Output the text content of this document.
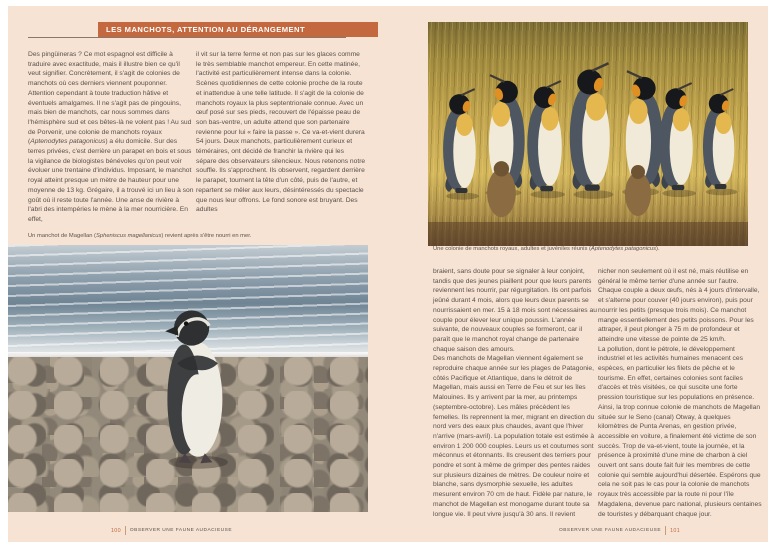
LES MANCHOTS, ATTENTION AU DÉRANGEMENT

Des pingüineras ? Ce mot espagnol est difficile à traduire avec exactitude, mais il illustre bien ce qu'il veut signifier. Concrètement, il s'agit de colonies de manchots où ces derniers viennent pouponner. Attention cependant à toute traduction hâtive et éventuels amalgames. Il ne s'agit pas de pingouins, mais bien de manchots, car nous sommes dans l'hémisphère sud et ces bêtes-là ne volent pas ! Au sud de Porvenir, une colonie de manchots royaux (Aptenodytes patagonicus) a élu domicile. Sur des terres privées, c'est derrière un parapet en bois et sous la vigilance de biologistes bénévoles qu'on peut voir évoluer une trentaine d'individus. Imposant, le manchot royal atteint presque un mètre de hauteur pour une moyenne de 13 kg. Grégaire, il a trouvé ici un lieu à son goût où il reste toute l'année. Une anse de rivière à l'abri des intempéries le mène à la mer nourricière. En effet,

il vit sur la terre ferme et non pas sur les glaces comme le très semblable manchot empereur. En cette matinée, l'activité est particulièrement intense dans la colonie. Scènes quotidiennes de cette colonie proche de la route et inattendue à une telle latitude. Il s'agit de la colonie de manchots royaux la plus septentrionale connue. Avec un œuf posé sur ses pieds, recouvert de l'épaisse peau de son bas-ventre, un adulte attend que son partenaire revienne pour lui « faire la passe ». Ce va-et-vient durera 54 jours. Deux manchots, particulièrement curieux et téméraires, ont décidé de franchir la rivière qui les sépare des observateurs silencieux. Nous retenons notre souffle. Ils s'approchent. Ils observent, regardent derrière le parapet, tournent la tête d'un côté, puis de l'autre, et repartent se mêler aux leurs, désintéressés du spectacle que nous leur offrons. Le fond sonore est bruyant. Des adultes

Un manchot de Magellan (Spheniscus magellanicus) revient après s'être nourri en mer.
100 OBSERVER UNE FAUNE AUDACIEUSE
Une colonie de manchots royaux, adultes et juvéniles réunis (Aptenodytes patagonicus).

braient, sans doute pour se signaler à leur conjoint, tandis que des jeunes piaillent pour que leurs parents reviennent les nourrir, par régurgitation. Ils ont parfois jeûné durant 4 mois, alors que leurs deux parents se nourrissaient en mer. 15 à 18 mois sont nécessaires au couple pour élever leur unique poussin. L'année suivante, de nouveaux couples se formeront, car il paraît que le manchot royal change de partenaire chaque saison des amours.

Des manchots de Magellan viennent également se reproduire chaque année sur les plages de Patagonie, côtés Pacifique et Atlantique, dans le détroit de Magellan, mais aussi en Terre de Feu et sur les îles Malouines. Ils y arrivent par la mer, au printemps (septembre-octobre). Les mâles précèdent les femelles. Ils reprennent la mer, migrant en direction du nord vers des eaux plus chaudes, avant que l'hiver n'arrive (mars-avril). La population totale est estimée à environ 1 200 000 couples. Leurs us et coutumes sont méconnus et étonnants. Ils creusent des terriers pour pondre et sont à même de grimper des pentes raides sur plusieurs dizaines de mètres. De couleur noire et blanche, sans dysmorphie sexuelle, les adultes mesurent environ 70 cm de haut. Fidèle par nature, le manchot de Magellan est monogame durant toute sa longue vie. Il peut vivre jusqu'à 30 ans. Il revient

nicher non seulement où il est né, mais réutilise en général le même terrier d'une année sur l'autre. Chaque couple a deux œufs, nés à 4 jours d'intervalle, et s'alterne pour couver (40 jours environ), puis pour nourrir les petits (presque trois mois). Ce manchot mange essentiellement des petits poissons. Pour les attraper, il peut plonger à 75 m de profondeur et atteindre une vitesse de pointe de 25 km/h.

La pollution, dont le pétrole, le développement industriel et les activités humaines menacent ces espèces, en particulier les filets de pêche et le tourisme. En effet, certaines colonies sont faciles d'accès et très visitées, ce qui suscite une forte pression touristique sur les populations en présence. Ainsi, la trop connue colonie de manchots de Magellan située sur le Seno (canal) Otway, à quelques kilomètres de Punta Arenas, en gestion privée, accessible en voiture, a finalement été victime de son succès. Trop de va-et-vient, toute la journée, et la présence à proximité d'une mine de charbon à ciel ouvert ont sans doute fait fuir les membres de cette colonie qui semble aujourd'hui désertée. Espérons que cela ne soit pas le cas pour la colonie de manchots royaux très accessible par la route ni pour l'île Magdalena, devenue parc national, plusieurs centaines de touristes y débarquant chaque jour.

OBSERVER UNE FAUNE AUDACIEUSE 101
